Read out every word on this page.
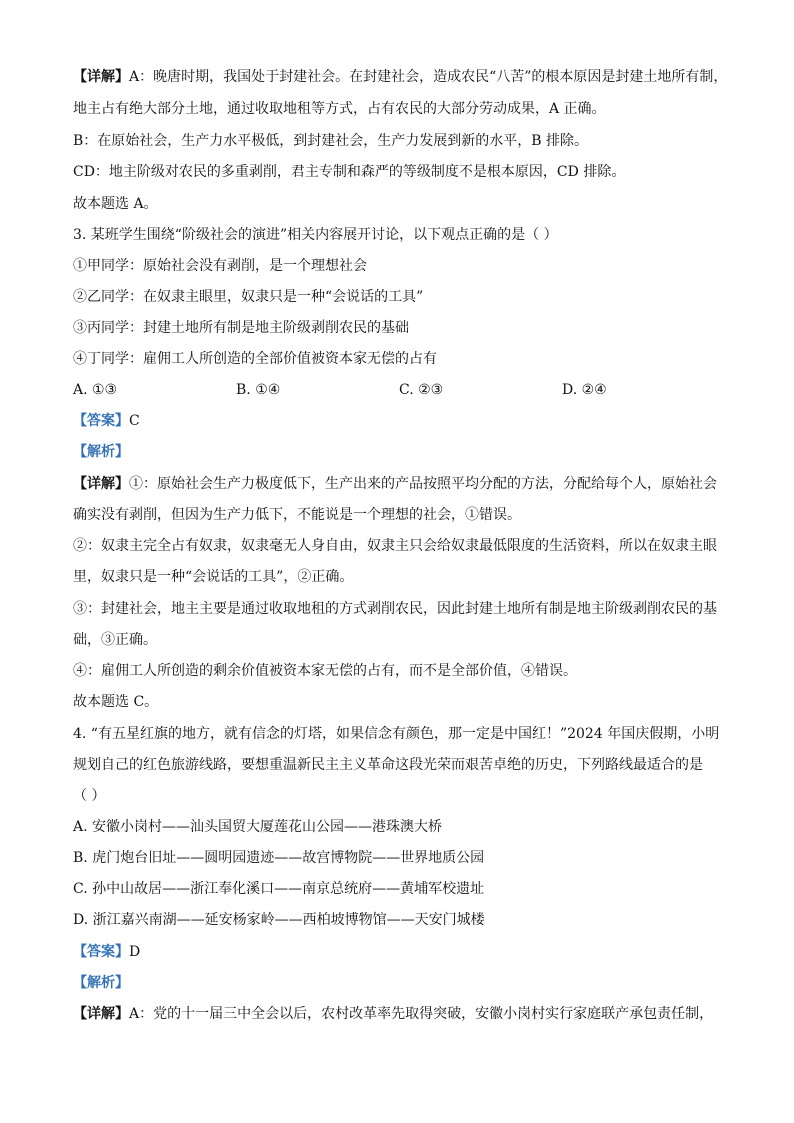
【详解】A：晚唐时期，我国处于封建社会。在封建社会，造成农民“八苦”的根本原因是封建土地所有制，
地主占有绝大部分土地，通过收取地租等方式，占有农民的大部分劳动成果，A 正确。
B：在原始社会，生产力水平极低，到封建社会，生产力发展到新的水平，B 排除。
CD：地主阶级对农民的多重剥削，君主专制和森严的等级制度不是根本原因，CD 排除。
故本题选 A。
3. 某班学生围绕“阶级社会的演进”相关内容展开讨论，以下观点正确的是（ ）
①甲同学：原始社会没有剥削，是一个理想社会
②乙同学：在奴隶主眼里，奴隶只是一种“会说话的工具”
③丙同学：封建土地所有制是地主阶级剥削农民的基础
④丁同学：雇佣工人所创造的全部价值被资本家无偿的占有
A. ①③	B. ①④	C. ②③	D. ②④
【答案】C
【解析】
【详解】①：原始社会生产力极度低下，生产出来的产品按照平均分配的方法，分配给每个人，原始社会
确实没有剥削，但因为生产力低下，不能说是一个理想的社会，①错误。
②：奴隶主完全占有奴隶，奴隶毫无人身自由，奴隶主只会给奴隶最低限度的生活资料，所以在奴隶主眼
里，奴隶只是一种“会说话的工具”，②正确。
③：封建社会，地主主要是通过收取地租的方式剥削农民，因此封建土地所有制是地主阶级剥削农民的基
础，③正确。
④：雇佣工人所创造的剩余价值被资本家无偿的占有，而不是全部价值，④错误。
故本题选 C。
4. “有五星红旗的地方，就有信念的灯塔，如果信念有颜色，那一定是中国红！”2024 年国庆假期，小明
规划自己的红色旅游线路，要想重温新民主主义革命这段光荣而艰苦卓绝的历史，下列路线最适合的是
（ ）
A. 安徽小岗村——汕头国贸大厦莲花山公园——港珠澳大桥
B. 虎门炮台旧址——圆明园遗迹——故宫博物院——世界地质公园
C. 孙中山故居——浙江奉化溪口——南京总统府——黄埔军校遗址
D. 浙江嘉兴南湖——延安杨家岭——西柏坡博物馆——天安门城楼
【答案】D
【解析】
【详解】A：党的十一届三中全会以后，农村改革率先取得突破，安徽小岗村实行家庭联产承包责任制，
